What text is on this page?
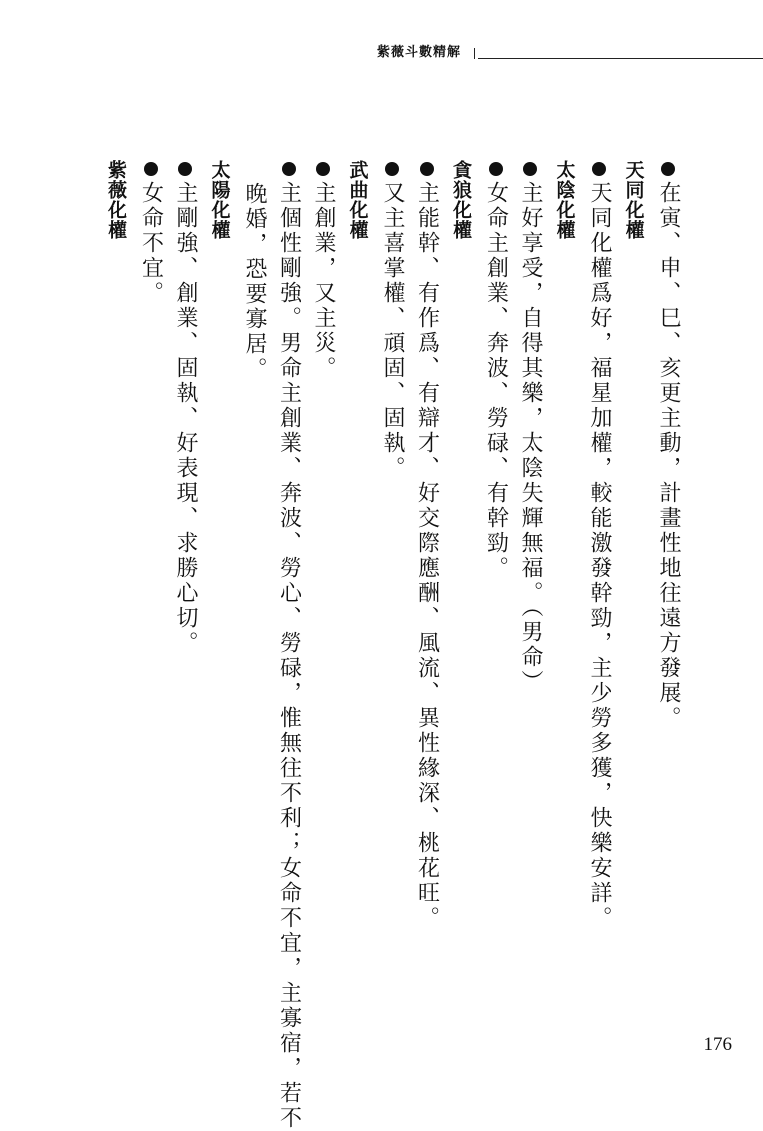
紫薇斗數精解
在寅、申、巳、亥更主動，計畫性地往遠方發展。
天同化權
天同化權爲好，福星加權，較能激發幹勁，主少勞多獲，快樂安詳。
太陰化權
主好享受，自得其樂，太陰失輝無福。（男命）
女命主創業、奔波、勞碌、有幹勁。
貪狼化權
主能幹、有作爲、有辯才、好交際應酬、風流、異性緣深、桃花旺。
又主喜掌權、頑固、固執。
武曲化權
主創業，又主災。
主個性剛強。男命主創業、奔波、勞心、勞碌，惟無往不利；女命不宜，主寡宿，若不
晚婚，恐要寡居。
太陽化權
主剛強、創業、固執、好表現、求勝心切。
女命不宜。
紫薇化權
176
